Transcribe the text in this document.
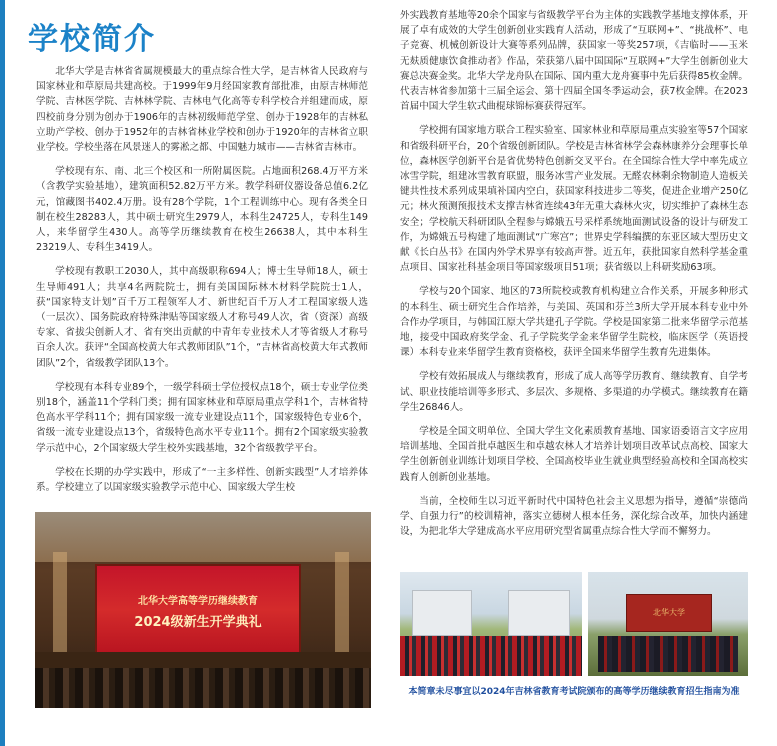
学校简介

北华大学是吉林省省属规模最大的重点综合性大学，是吉林省人民政府与国家林业和草原局共建高校。于1999年9月经国家教育部批准，由原吉林师范学院、吉林医学院、吉林林学院、吉林电气化高等专科学校合并组建而成，原四校前身分别为创办于1906年的吉林初级师范学堂、创办于1928年的吉林私立助产学校、创办于1952年的吉林省林业学校和创办于1920年的吉林省立职业学校。学校坐落在风景迷人的雾凇之都、中国魅力城市——吉林省吉林市。

学校现有东、南、北三个校区和一所附属医院。占地面积268.4万平方米（含教学实验基地），建筑面积52.82万平方米。教学科研仪器设备总值6.2亿元，馆藏图书402.4万册。设有28个学院，1个工程训练中心。现有各类全日制在校生28283人，其中硕士研究生2979人，本科生24725人，专科生149人，来华留学生430人。高等学历继续教育在校生26638人，其中本科生23219人、专科生3419人。

学校现有教职工2030人，其中高级职称694人；博士生导师18人，硕士生导师491人；共享4名两院院士，拥有美国国际林木材料学院院士1人，获“国家特支计划”百千万工程领军人才、新世纪百千万人才工程国家级人选（一层次）、国务院政府特殊津贴等国家级人才称号49人次，省（资深）高级专家、省拔尖创新人才、省有突出贡献的中青年专业技术人才等省级人才称号百余人次。获评“全国高校黄大年式教师团队”1个，“吉林省高校黄大年式教师团队”2个，省级教学团队13个。

学校现有本科专业89个，一级学科硕士学位授权点18个，硕士专业学位类别18个，涵盖11个学科门类；拥有国家林业和草原局重点学科1个，吉林省特色高水平学科11个；拥有国家级一流专业建设点11个，国家级特色专业6个，省级一流专业建设点13个，省级特色高水平专业11个。拥有2个国家级实验教学示范中心，2个国家级大学生校外实践基地，32个省级教学平台。

学校在长期的办学实践中，形成了“一主多样性、创新实践型”人才培养体系。学校建立了以国家级实验教学示范中心、国家级大学生校

北华大学高等学历继续教育
2024级新生开学典礼

外实践教育基地等20余个国家与省级教学平台为主体的实践教学基地支撑体系，开展了卓有成效的大学生创新创业实践育人活动，形成了“互联网+”、“挑战杯”、电子竞赛、机械创新设计大赛等系列品牌，获国家一等奖257项，《吉临时——玉米无麸质健康饮食推动者》作品，荣获第八届中国国际“互联网+”大学生创新创业大赛总决赛金奖。北华大学龙舟队在国际、国内重大龙舟赛事中先后获得85枚金牌。代表吉林省参加第十三届全运会、第十四届全国冬季运动会，获7枚金牌。在2023首届中国大学生软式曲棍球锦标赛获得冠军。

学校拥有国家地方联合工程实验室、国家林业和草原局重点实验室等57个国家和省级科研平台，20个省级创新团队。学校是吉林省林学会森林康养分会理事长单位，森林医学创新平台是省优势特色创新交叉平台。在全国综合性大学中率先成立冰雪学院，组建冰雪教育联盟，服务冰雪产业发展。无醛农林剩余物制造人造板关键共性技术系列成果填补国内空白，获国家科技进步二等奖，促进企业增产250亿元；林火预测预报技术支撑吉林省连续43年无重大森林火灾，切实维护了森林生态安全；学校航天科研团队全程参与嫦娥五号采样系统地面测试设备的设计与研发工作，为嫦娥五号构建了地面测试“广寒宫”；世界史学科编撰的东亚区域大型历史文献《长白丛书》在国内外学术界享有较高声誉。近五年，获批国家自然科学基金重点项目、国家社科基金项目等国家级项目51项；获省级以上科研奖励63项。

学校与20个国家、地区的73所院校或教育机构建立合作关系，开展多种形式的本科生、硕士研究生合作培养，与美国、英国和芬兰3所大学开展本科专业中外合作办学项目，与韩国江原大学共建孔子学院。学校是国家第二批来华留学示范基地，接受中国政府奖学金、孔子学院奖学金来华留学生院校，临床医学（英语授课）本科专业来华留学生教育资格校，获评全国来华留学生教育先进集体。

学校有效拓展成人与继续教育，形成了成人高等学历教育、继续教育、自学考试、职业技能培训等多形式、多层次、多规格、多渠道的办学模式。继续教育在籍学生26846人。

学校是全国文明单位、全国大学生文化素质教育基地、国家语委语言文字应用培训基地、全国首批卓越医生和卓越农林人才培养计划项目改革试点高校、国家大学生创新创业训练计划项目学校、全国高校毕业生就业典型经验高校和全国高校实践育人创新创业基地。

当前，全校师生以习近平新时代中国特色社会主义思想为指导，遵循“崇德尚学、自强力行”的校训精神，落实立德树人根本任务，深化综合改革，加快内涵建设，为把北华大学建成高水平应用研究型省属重点综合性大学而不懈努力。

北华大学
本简章未尽事宜以2024年吉林省教育考试院颁布的高等学历继续教育招生指南为准
